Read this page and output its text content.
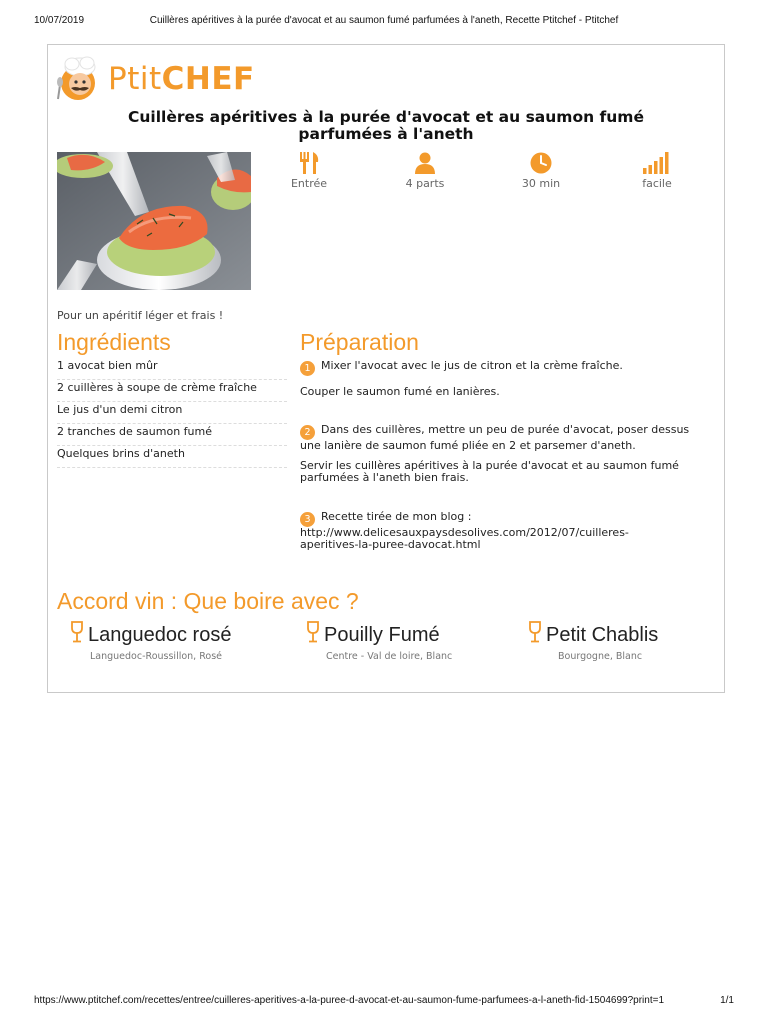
10/07/2019	Cuillères apéritives à la purée d'avocat et au saumon fumé parfumées à l'aneth, Recette Ptitchef - Ptitchef
PtitCHEF
Cuillères apéritives à la purée d'avocat et au saumon fumé parfumées à l'aneth
Entrée	4 parts	30 min	facile
Pour un apéritif léger et frais !
Ingrédients
1 avocat bien mûr
2 cuillères à soupe de crème fraîche
Le jus d'un demi citron
2 tranches de saumon fumé
Quelques brins d'aneth
Préparation

1 Mixer l'avocat avec le jus de citron et la crème fraîche.

Couper le saumon fumé en lanières.

2 Dans des cuillères, mettre un peu de purée d'avocat, poser dessus une lanière de saumon fumé pliée en 2 et parsemer d'aneth.

Servir les cuillères apéritives à la purée d'avocat et au saumon fumé parfumées à l'aneth bien frais.

3 Recette tirée de mon blog : http://www.delicesauxpaysdesolives.com/2012/07/cuilleres-aperitives-la-puree-davocat.html

Accord vin : Que boire avec ?
Languedoc rosé
Languedoc-Roussillon, Rosé
Pouilly Fumé
Centre - Val de loire, Blanc
Petit Chablis
Bourgogne, Blanc
https://www.ptitchef.com/recettes/entree/cuilleres-aperitives-a-la-puree-d-avocat-et-au-saumon-fume-parfumees-a-l-aneth-fid-1504699?print=1	1/1
